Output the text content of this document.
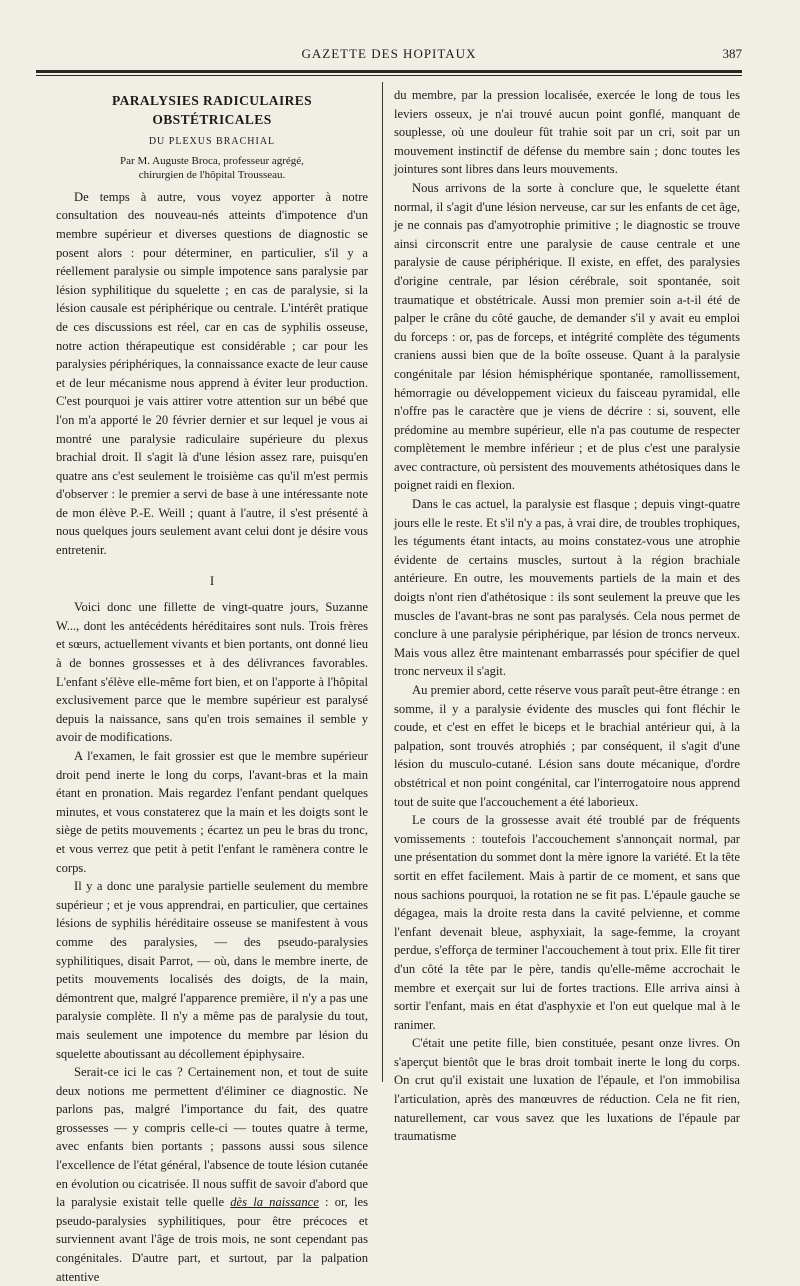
GAZETTE DES HOPITAUX	387
PARALYSIES RADICULAIRES OBSTÉTRICALES
DU PLEXUS BRACHIAL
Par M. Auguste Broca, professeur agrégé,
chirurgien de l'hôpital Trousseau.

De temps à autre, vous voyez apporter à notre consultation des nouveau-nés atteints d'impotence d'un membre supérieur et diverses questions de diagnostic se posent alors : pour déterminer, en particulier, s'il y a réellement paralysie ou simple impotence sans paralysie par lésion syphilitique du squelette ; en cas de paralysie, si la lésion causale est périphérique ou centrale. L'intérêt pratique de ces discussions est réel, car en cas de syphilis osseuse, notre action thérapeutique est considérable ; car pour les paralysies périphériques, la connaissance exacte de leur cause et de leur mécanisme nous apprend à éviter leur production. C'est pourquoi je vais attirer votre attention sur un bébé que l'on m'a apporté le 20 février dernier et sur lequel je vous ai montré une paralysie radiculaire supérieure du plexus brachial droit. Il s'agit là d'une lésion assez rare, puisqu'en quatre ans c'est seulement le troisième cas qu'il m'est permis d'observer : le premier a servi de base à une intéressante note de mon élève P.-E. Weill ; quant à l'autre, il s'est présenté à nous quelques jours seulement avant celui dont je désire vous entretenir.

I

Voici donc une fillette de vingt-quatre jours, Suzanne W..., dont les antécédents héréditaires sont nuls. Trois frères et sœurs, actuellement vivants et bien portants, ont donné lieu à de bonnes grossesses et à des délivrances favorables. L'enfant s'élève elle-même fort bien, et on l'apporte à l'hôpital exclusivement parce que le membre supérieur est paralysé depuis la naissance, sans qu'en trois semaines il semble y avoir de modifications.

A l'examen, le fait grossier est que le membre supérieur droit pend inerte le long du corps, l'avant-bras et la main étant en pronation. Mais regardez l'enfant pendant quelques minutes, et vous constaterez que la main et les doigts sont le siège de petits mouvements ; écartez un peu le bras du tronc, et vous verrez que petit à petit l'enfant le ramènera contre le corps.

Il y a donc une paralysie partielle seulement du membre supérieur ; et je vous apprendrai, en particulier, que certaines lésions de syphilis héréditaire osseuse se manifestent à vous comme des paralysies, — des pseudo-paralysies syphilitiques, disait Parrot, — où, dans le membre inerte, de petits mouvements localisés des doigts, de la main, démontrent que, malgré l'apparence première, il n'y a pas une paralysie complète. Il n'y a même pas de paralysie du tout, mais seulement une impotence du membre par lésion du squelette aboutissant au décollement épiphysaire.

Serait-ce ici le cas ? Certainement non, et tout de suite deux notions me permettent d'éliminer ce diagnostic. Ne parlons pas, malgré l'importance du fait, des quatre grossesses — y compris celle-ci — toutes quatre à terme, avec enfants bien portants ; passons aussi sous silence l'excellence de l'état général, l'absence de toute lésion cutanée en évolution ou cicatrisée. Il nous suffit de savoir d'abord que la paralysie existait telle quelle dès la naissance : or, les pseudo-paralysies syphilitiques, pour être précoces et surviennent avant l'âge de trois mois, ne sont cependant pas congénitales. D'autre part, et surtout, par la palpation attentive

du membre, par la pression localisée, exercée le long de tous les leviers osseux, je n'ai trouvé aucun point gonflé, manquant de souplesse, où une douleur fût trahie soit par un cri, soit par un mouvement instinctif de défense du membre sain ; donc toutes les jointures sont libres dans leurs mouvements.

Nous arrivons de la sorte à conclure que, le squelette étant normal, il s'agit d'une lésion nerveuse, car sur les enfants de cet âge, je ne connais pas d'amyotrophie primitive ; le diagnostic se trouve ainsi circonscrit entre une paralysie de cause centrale et une paralysie de cause périphérique. Il existe, en effet, des paralysies d'origine centrale, par lésion cérébrale, soit spontanée, soit traumatique et obstétricale. Aussi mon premier soin a-t-il été de palper le crâne du côté gauche, de demander s'il y avait eu emploi du forceps : or, pas de forceps, et intégrité complète des téguments craniens aussi bien que de la boîte osseuse. Quant à la paralysie congénitale par lésion hémisphérique spontanée, ramollissement, hémorragie ou développement vicieux du faisceau pyramidal, elle n'offre pas le caractère que je viens de décrire : si, souvent, elle prédomine au membre supérieur, elle n'a pas coutume de respecter complètement le membre inférieur ; et de plus c'est une paralysie avec contracture, où persistent des mouvements athétosiques dans le poignet raidi en flexion.

Dans le cas actuel, la paralysie est flasque ; depuis vingt-quatre jours elle le reste. Et s'il n'y a pas, à vrai dire, de troubles trophiques, les téguments étant intacts, au moins constatez-vous une atrophie évidente de certains muscles, surtout à la région brachiale antérieure. En outre, les mouvements partiels de la main et des doigts n'ont rien d'athétosique : ils sont seulement la preuve que les muscles de l'avant-bras ne sont pas paralysés. Cela nous permet de conclure à une paralysie périphérique, par lésion de troncs nerveux. Mais vous allez être maintenant embarrassés pour spécifier de quel tronc nerveux il s'agit.

Au premier abord, cette réserve vous paraît peut-être étrange : en somme, il y a paralysie évidente des muscles qui font fléchir le coude, et c'est en effet le biceps et le brachial antérieur qui, à la palpation, sont trouvés atrophiés ; par conséquent, il s'agit d'une lésion du musculo-cutané. Lésion sans doute mécanique, d'ordre obstétrical et non point congénital, car l'interrogatoire nous apprend tout de suite que l'accouchement a été laborieux.

Le cours de la grossesse avait été troublé par de fréquents vomissements : toutefois l'accouchement s'annonçait normal, par une présentation du sommet dont la mère ignore la variété. Et la tête sortit en effet facilement. Mais à partir de ce moment, et sans que nous sachions pourquoi, la rotation ne se fit pas. L'épaule gauche se dégagea, mais la droite resta dans la cavité pelvienne, et comme l'enfant devenait bleue, asphyxiait, la sage-femme, la croyant perdue, s'efforça de terminer l'accouchement à tout prix. Elle fit tirer d'un côté la tête par le père, tandis qu'elle-même accrochait le membre et exerçait sur lui de fortes tractions. Elle arriva ainsi à sortir l'enfant, mais en état d'asphyxie et l'on eut quelque mal à le ranimer.

C'était une petite fille, bien constituée, pesant onze livres. On s'aperçut bientôt que le bras droit tombait inerte le long du corps. On crut qu'il existait une luxation de l'épaule, et l'on immobilisa l'articulation, après des manœuvres de réduction. Cela ne fit rien, naturellement, car vous savez que les luxations de l'épaule par traumatisme
